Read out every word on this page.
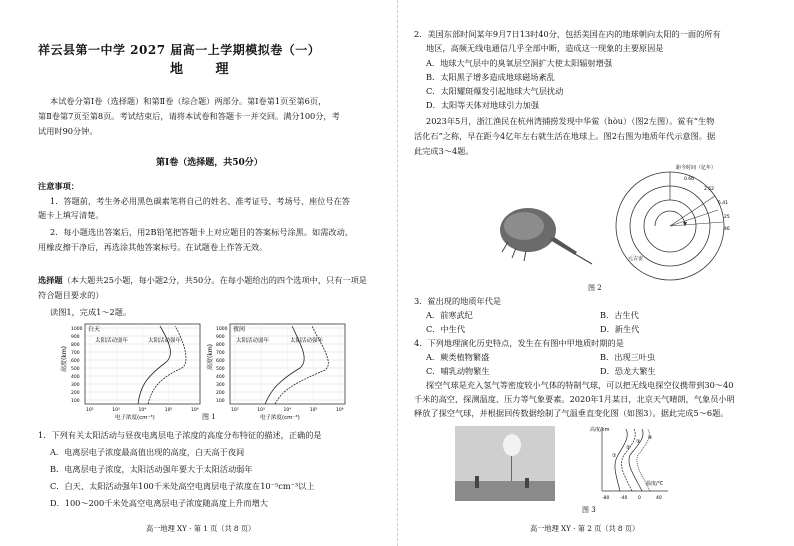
祥云县第一中学 2027 届高一上学期模拟卷（一）
地 理
本试卷分第Ⅰ卷（选择题）和第Ⅱ卷（综合题）两部分。第Ⅰ卷第1页至第6页，
第Ⅱ卷第7页至第8页。考试结束后，请将本试卷和答题卡一并交回。满分100分，考
试用时90分钟。
第Ⅰ卷（选择题，共50分）
注意事项：
1．答题前，考生务必用黑色碳素笔将自己的姓名、准考证号、考场号、座位号在答
题卡上填写清楚。
2．每小题选出答案后，用2B铅笔把答题卡上对应题目的答案标号涂黑。如需改动，
用橡皮擦干净后，再选涂其他答案标号。在试题卷上作答无效。
选择题（本大题共25小题，每小题2分，共50分。在每小题给出的四个选项中，只有一项是
符合题目要求的）
读图1，完成1～2题。
高度(km)
白天
太阳活动弱年	太阳活动强年
1000
900
800
700
600
500
400
300
200
100
10²	10³	10⁴	10⁵	10⁶
高度(km)
夜间
太阳活动弱年	太阳活动强年
1000
900
800
700
600
500
400
300
200
100
10²	10³	10⁴	10⁵	10⁶
电子浓度(cm⁻³)	电子浓度(cm⁻³)
图 1
1．下列有关太阳活动与昼夜电离层电子浓度的高度分布特征的描述，正确的是
A．电离层电子浓度最高值出现的高度，白天高于夜间
B．电离层电子浓度，太阳活动强年要大于太阳活动弱年
C．白天、太阳活动强年100千米处高空电离层电子浓度在10⁻⁵cm⁻³以上
D．100～200千米处高空电离层电子浓度随高度上升而增大
高一地理 XY · 第 1 页（共 8 页）
2．美国东部时间某年9月7日13时40分，包括美国在内的地球朝向太阳的一面的所有
地区，高频无线电通信几乎全部中断，造成这一现象的主要原因是
A．地球大气层中的臭氧层空洞扩大使太阳辐射增强
B．太阳黑子增多造成地球磁场紊乱
C．太阳耀斑爆发引起地球大气层扰动
D．太阳等天体对地球引力加强
2023年5月，浙江渔民在杭州湾捕捞发现中华鲎（hòu）（图2左图）。鲎有“生物
活化石”之称，早在距今4亿年左右就生活在地球上。图2右图为地质年代示意图。据
此完成3～4题。
距今时间（亿年）
元古宙
0.66
2.52
5.41
25
46
图 2
3．鲎出现的地质年代是
A．前寒武纪	B．古生代
C．中生代	D．新生代
4．下列地理演化历史特点，发生在有图中甲地质时期的是
A．蕨类植物繁盛	B．出现三叶虫
C．哺乳动物繁生	D．恐龙大繁生
探空气球是充入氢气等密度较小气体的特制气球，可以把无线电探空仪携带到30～40
千米的高空，探测温度、压力等气象要素。2020年1月某日，北京天气晴朗，气象员小明
释放了探空气球，并根据回传数据绘制了气温垂直变化图（如图3）。据此完成5～6题。
高度/km
①
②
③
④
-80 -40 0	40
温度/℃
图 3
高一地理 XY · 第 2 页（共 8 页）
